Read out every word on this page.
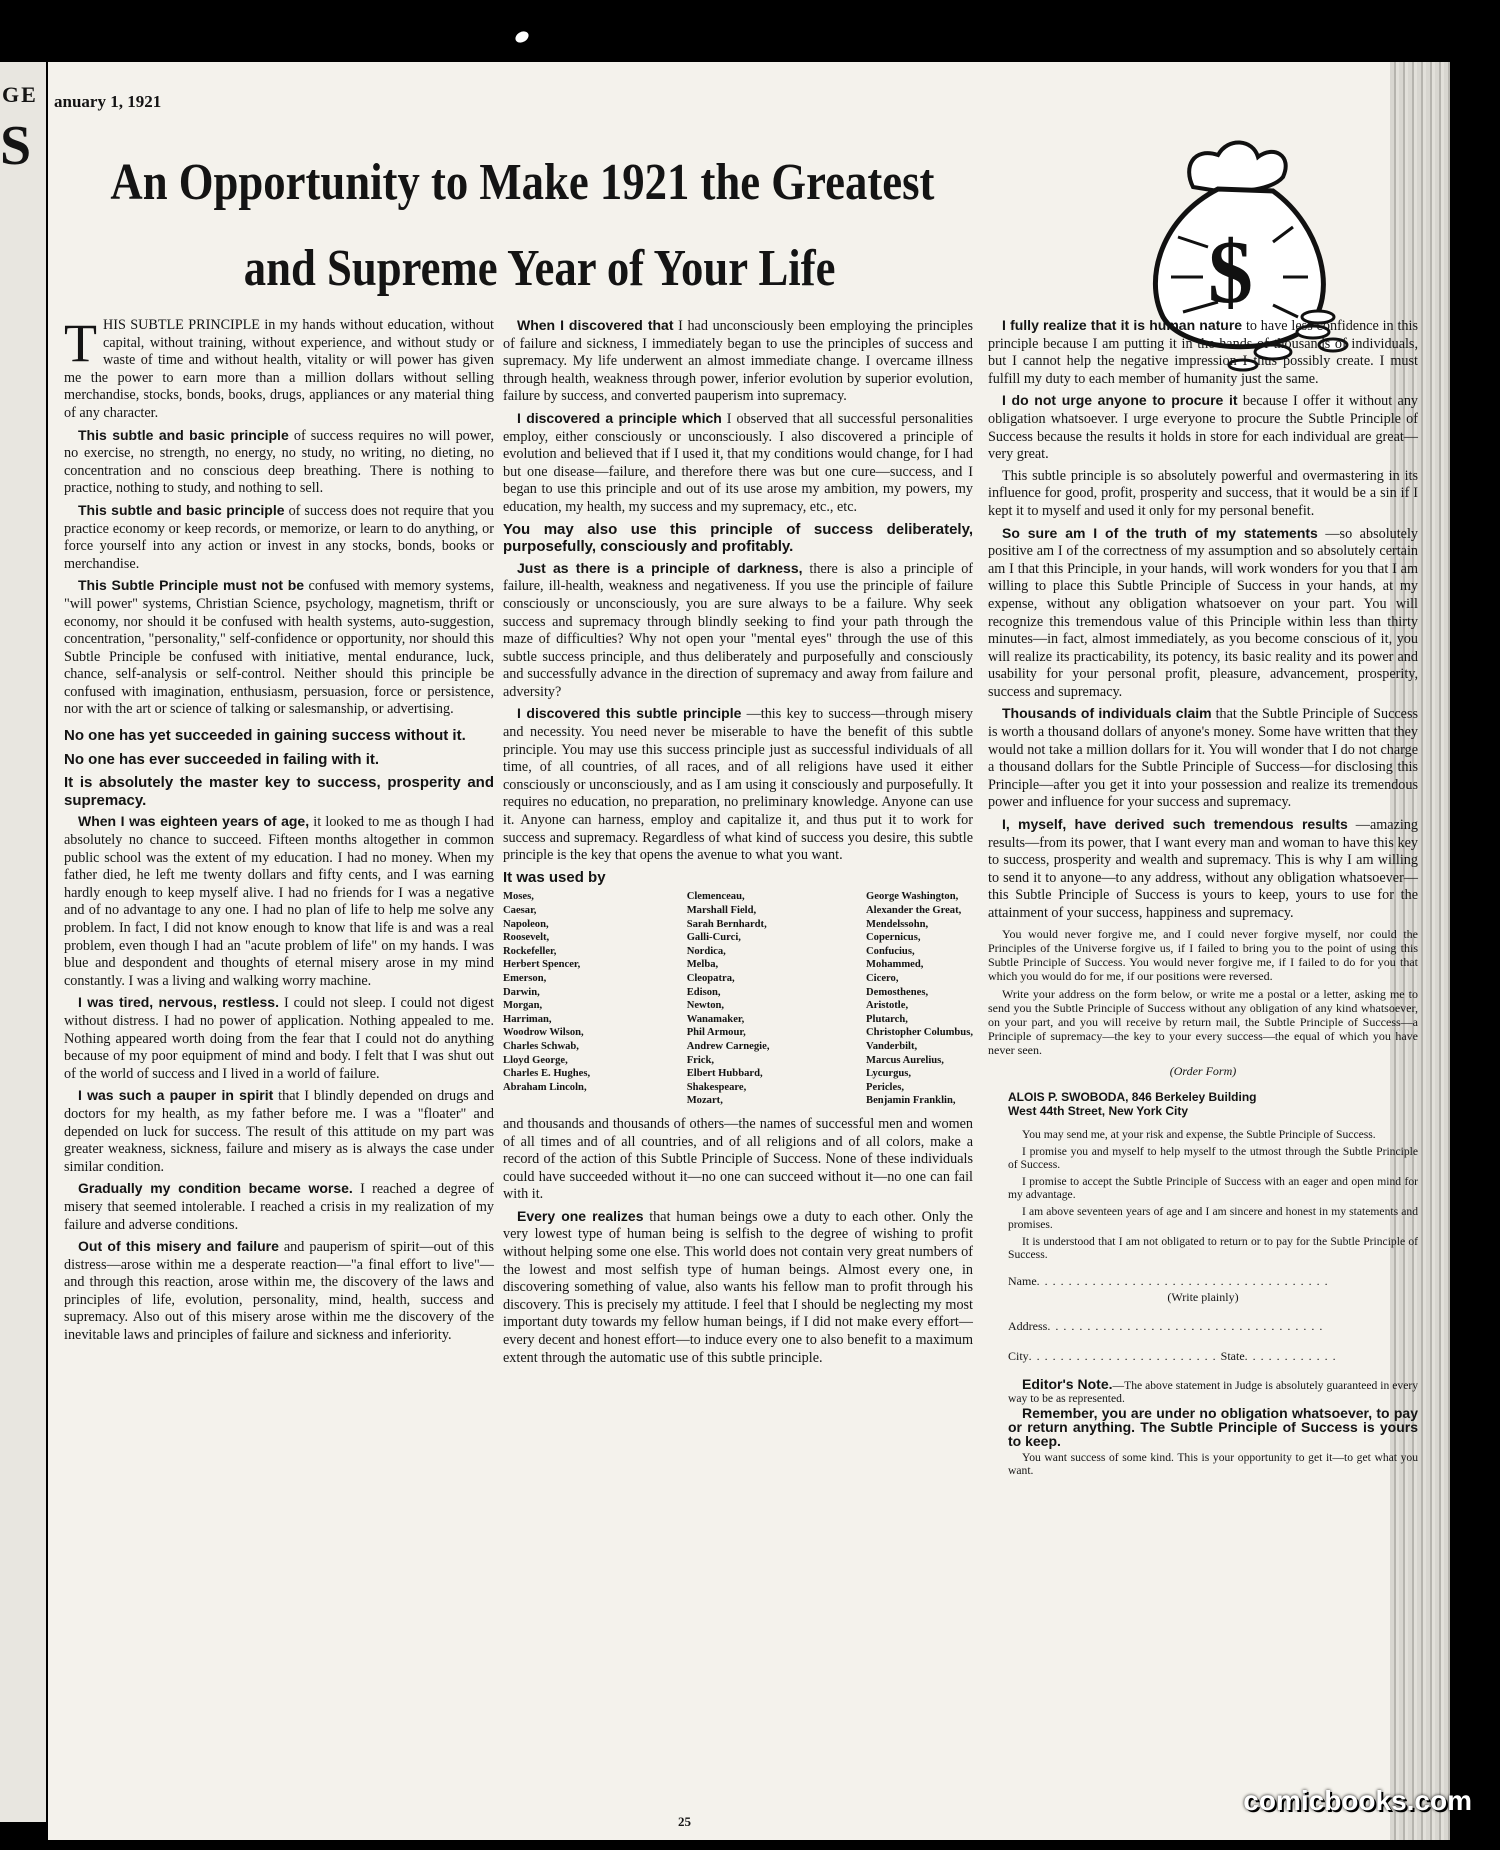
GE
S
anuary 1, 1921
An Opportunity to Make 1921 the Greatest
and Supreme Year of Your Life	$

THIS SUBTLE PRINCIPLE in my hands without education, without capital, without training, without experience, and without study or waste of time and without health, vitality or will power has given me the power to earn more than a million dollars without selling merchandise, stocks, bonds, books, drugs, appliances or any material thing of any character.

This subtle and basic principle of success requires no will power, no exercise, no strength, no energy, no study, no writing, no dieting, no concentration and no conscious deep breathing. There is nothing to practice, nothing to study, and nothing to sell.

This subtle and basic principle of success does not require that you practice economy or keep records, or memorize, or learn to do anything, or force yourself into any action or invest in any stocks, bonds, books or merchandise.

This Subtle Principle must not be confused with memory systems, "will power" systems, Christian Science, psychology, magnetism, thrift or economy, nor should it be confused with health systems, auto-suggestion, concentration, "personality," self-confidence or opportunity, nor should this Subtle Principle be confused with initiative, mental endurance, luck, chance, self-analysis or self-control. Neither should this principle be confused with imagination, enthusiasm, persuasion, force or persistence, nor with the art or science of talking or salesmanship, or advertising.

No one has yet succeeded in gaining success without it.

No one has ever succeeded in failing with it.

It is absolutely the master key to success, prosperity and supremacy.

When I was eighteen years of age, it looked to me as though I had absolutely no chance to succeed. Fifteen months altogether in common public school was the extent of my education. I had no money. When my father died, he left me twenty dollars and fifty cents, and I was earning hardly enough to keep myself alive. I had no friends for I was a negative and of no advantage to any one. I had no plan of life to help me solve any problem. In fact, I did not know enough to know that life is and was a real problem, even though I had an "acute problem of life" on my hands. I was blue and despondent and thoughts of eternal misery arose in my mind constantly. I was a living and walking worry machine.

I was tired, nervous, restless. I could not sleep. I could not digest without distress. I had no power of application. Nothing appealed to me. Nothing appeared worth doing from the fear that I could not do anything because of my poor equipment of mind and body. I felt that I was shut out of the world of success and I lived in a world of failure.

I was such a pauper in spirit that I blindly depended on drugs and doctors for my health, as my father before me. I was a "floater" and depended on luck for success. The result of this attitude on my part was greater weakness, sickness, failure and misery as is always the case under similar condition.

Gradually my condition became worse. I reached a degree of misery that seemed intolerable. I reached a crisis in my realization of my failure and adverse conditions.

Out of this misery and failure and pauperism of spirit—out of this distress—arose within me a desperate reaction—"a final effort to live"—and through this reaction, arose within me, the discovery of the laws and principles of life, evolution, personality, mind, health, success and supremacy. Also out of this misery arose within me the discovery of the inevitable laws and principles of failure and sickness and inferiority.

When I discovered that I had unconsciously been employing the principles of failure and sickness, I immediately began to use the principles of success and supremacy. My life underwent an almost immediate change. I overcame illness through health, weakness through power, inferior evolution by superior evolution, failure by success, and converted pauperism into supremacy.

I discovered a principle which I observed that all successful personalities employ, either consciously or unconsciously. I also discovered a principle of evolution and believed that if I used it, that my conditions would change, for I had but one disease—failure, and therefore there was but one cure—success, and I began to use this principle and out of its use arose my ambition, my powers, my education, my health, my success and my supremacy, etc., etc.

You may also use this principle of success deliberately, purposefully, consciously and profitably.

Just as there is a principle of darkness, there is also a principle of failure, ill-health, weakness and negativeness. If you use the principle of failure consciously or unconsciously, you are sure always to be a failure. Why seek success and supremacy through blindly seeking to find your path through the maze of difficulties? Why not open your "mental eyes" through the use of this subtle success principle, and thus deliberately and purposefully and consciously and successfully advance in the direction of supremacy and away from failure and adversity?

I discovered this subtle principle —this key to success—through misery and necessity. You need never be miserable to have the benefit of this subtle principle. You may use this success principle just as successful individuals of all time, of all countries, of all races, and of all religions have used it either consciously or unconsciously, and as I am using it consciously and purposefully. It requires no education, no preparation, no preliminary knowledge. Anyone can use it. Anyone can harness, employ and capitalize it, and thus put it to work for success and supremacy. Regardless of what kind of success you desire, this subtle principle is the key that opens the avenue to what you want.

It was used by

Moses,
Caesar,
Napoleon,
Roosevelt,
Rockefeller,
Herbert Spencer,
Emerson,
Darwin,
Morgan,
Harriman,
Woodrow Wilson,
Charles Schwab,
Lloyd George,
Charles E. Hughes,
Abraham Lincoln,
Clemenceau,
Marshall Field,
Sarah Bernhardt,
Galli-Curci,
Nordica,
Melba,
Cleopatra,
Edison,
Newton,
Wanamaker,
Phil Armour,
Andrew Carnegie,
Frick,
Elbert Hubbard,
Shakespeare,
Mozart,
George Washington,
Alexander the Great,
Mendelssohn,
Copernicus,
Confucius,
Mohammed,
Cicero,
Demosthenes,
Aristotle,
Plutarch,
Christopher Columbus,
Vanderbilt,
Marcus Aurelius,
Lycurgus,
Pericles,
Benjamin Franklin,

and thousands and thousands of others—the names of successful men and women of all times and of all countries, and of all religions and of all colors, make a record of the action of this Subtle Principle of Success. None of these individuals could have succeeded without it—no one can succeed without it—no one can fail with it.

Every one realizes that human beings owe a duty to each other. Only the very lowest type of human being is selfish to the degree of wishing to profit without helping some one else. This world does not contain very great numbers of the lowest and most selfish type of human beings. Almost every one, in discovering something of value, also wants his fellow man to profit through his discovery. This is precisely my attitude. I feel that I should be neglecting my most important duty towards my fellow human beings, if I did not make every effort—every decent and honest effort—to induce every one to also benefit to a maximum extent through the automatic use of this subtle principle.

I fully realize that it is human nature to have less confidence in this principle because I am putting it in the hands of thousands of individuals, but I cannot help the negative impression I thus possibly create. I must fulfill my duty to each member of humanity just the same.

I do not urge anyone to procure it because I offer it without any obligation whatsoever. I urge everyone to procure the Subtle Principle of Success because the results it holds in store for each individual are great—very great.

This subtle principle is so absolutely powerful and overmastering in its influence for good, profit, prosperity and success, that it would be a sin if I kept it to myself and used it only for my personal benefit.

So sure am I of the truth of my statements —so absolutely positive am I of the correctness of my assumption and so absolutely certain am I that this Principle, in your hands, will work wonders for you that I am willing to place this Subtle Principle of Success in your hands, at my expense, without any obligation whatsoever on your part. You will recognize this tremendous value of this Principle within less than thirty minutes—in fact, almost immediately, as you become conscious of it, you will realize its practicability, its potency, its basic reality and its power and usability for your personal profit, pleasure, advancement, prosperity, success and supremacy.

Thousands of individuals claim that the Subtle Principle of Success is worth a thousand dollars of anyone's money. Some have written that they would not take a million dollars for it. You will wonder that I do not charge a thousand dollars for the Subtle Principle of Success—for disclosing this Principle—after you get it into your possession and realize its tremendous power and influence for your success and supremacy.

I, myself, have derived such tremendous results —amazing results—from its power, that I want every man and woman to have this key to success, prosperity and wealth and supremacy. This is why I am willing to send it to anyone—to any address, without any obligation whatsoever—this Subtle Principle of Success is yours to keep, yours to use for the attainment of your success, happiness and supremacy.

You would never forgive me, and I could never forgive myself, nor could the Principles of the Universe forgive us, if I failed to bring you to the point of using this Subtle Principle of Success. You would never forgive me, if I failed to do for you that which you would do for me, if our positions were reversed.

Write your address on the form below, or write me a postal or a letter, asking me to send you the Subtle Principle of Success without any obligation of any kind whatsoever, on your part, and you will receive by return mail, the Subtle Principle of Success—a Principle of supremacy—the key to your every success—the equal of which you have never seen.

(Order Form)
ALOIS P. SWOBODA, 846 Berkeley Building
West 44th Street, New York City

You may send me, at your risk and expense, the Subtle Principle of Success.

I promise you and myself to help myself to the utmost through the Subtle Principle of Success.

I promise to accept the Subtle Principle of Success with an eager and open mind for my advantage.

I am above seventeen years of age and I am sincere and honest in my statements and promises.

It is understood that I am not obligated to return or to pay for the Subtle Principle of Success.

Name. . . . . . . . . . . . . . . . . . . . . . . . . . . . . . . . . . . . .
(Write plainly)
Address. . . . . . . . . . . . . . . . . . . . . . . . . . . . . . . . . . .
City. . . . . . . . . . . . . . . . . . . . . . . . State. . . . . . . . . . . .

Editor's Note.—The above statement in Judge is absolutely guaranteed in every way to be as represented.

Remember, you are under no obligation whatsoever, to pay or return anything. The Subtle Principle of Success is yours to keep.

You want success of some kind. This is your opportunity to get it—to get what you want.

25
comicbooks.com
